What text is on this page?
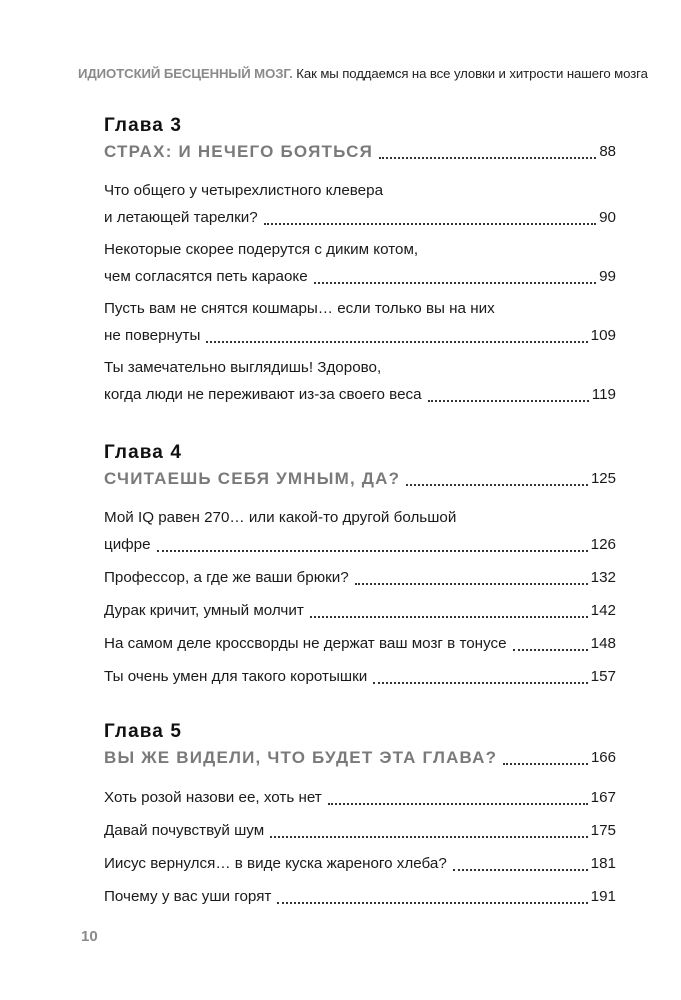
ИДИОТСКИЙ БЕСЦЕННЫЙ МОЗГ. Как мы поддаемся на все уловки и хитрости нашего мозга
Глава 3
СТРАХ: И НЕЧЕГО БОЯТЬСЯ	88
Что общего у четырехлистного клевера
и летающей тарелки?	90
Некоторые скорее подерутся с диким котом,
чем согласятся петь караоке	99
Пусть вам не снятся кошмары… если только вы на них
не повернуты	109
Ты замечательно выглядишь! Здорово,
когда люди не переживают из-за своего веса	119
Глава 4
СЧИТАЕШЬ СЕБЯ УМНЫМ, ДА?	125
Мой IQ равен 270… или какой-то другой большой
цифре	126
Профессор, а где же ваши брюки?	132
Дурак кричит, умный молчит	142
На самом деле кроссворды не держат ваш мозг в тонусе	148
Ты очень умен для такого коротышки	157
Глава 5
ВЫ ЖЕ ВИДЕЛИ, ЧТО БУДЕТ ЭТА ГЛАВА?	166
Хоть розой назови ее, хоть нет	167
Давай почувствуй шум	175
Иисус вернулся… в виде куска жареного хлеба?	181
Почему у вас уши горят	191
10
